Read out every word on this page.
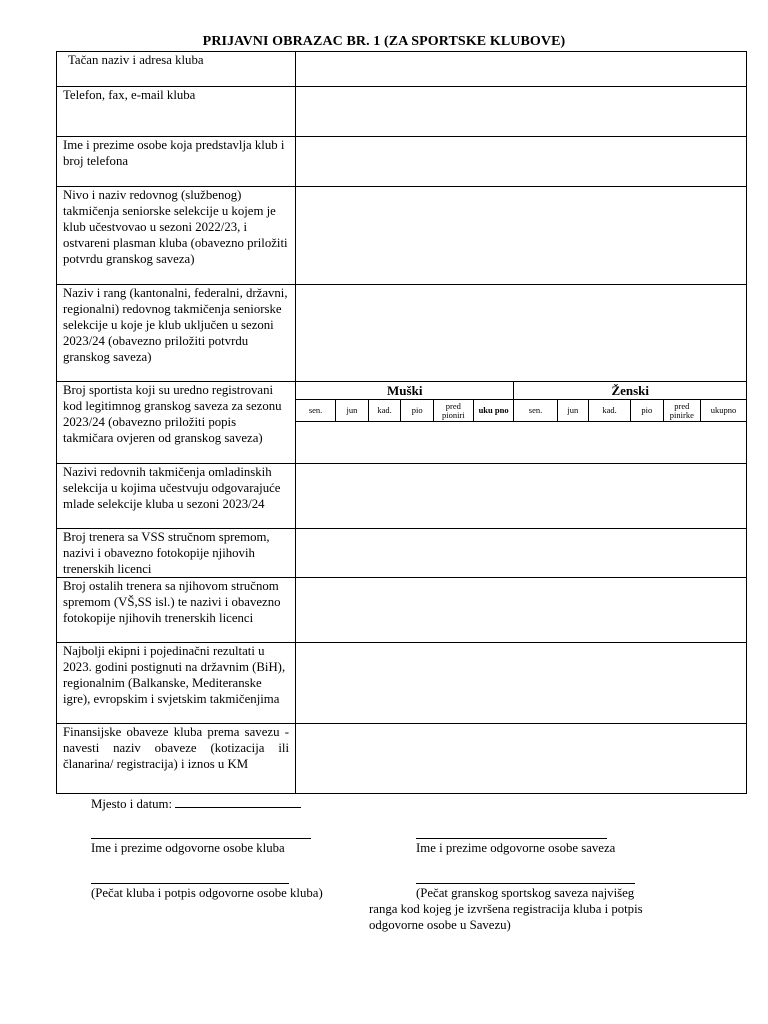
PRIJAVNI OBRAZAC BR. 1 (ZA SPORTSKE KLUBOVE)
Tačan naziv i adresa kluba	
Telefon, fax, e-mail kluba	
Ime i prezime osobe koja predstavlja klub i broj telefona	
Nivo i naziv redovnog (službenog) takmičenja seniorske selekcije u kojem je klub učestvovao u sezoni 2022/23, i ostvareni plasman kluba (obavezno priložiti potvrdu granskog saveza)	
Naziv i rang (kantonalni, federalni, državni, regionalni) redovnog takmičenja seniorske selekcije u koje je klub uključen u sezoni 2023/24 (obavezno priložiti potvrdu granskog saveza)	
Broj sportista koji su uredno registrovani kod legitimnog granskog saveza za sezonu 2023/24 (obavezno priložiti popis takmičara ovjeren od granskog saveza)	
Muški	Ženski
sen.	jun	kad.	pio	pred pioniri	uku pno	sen.	jun	kad.	pio	pred pinirke	ukupno

Nazivi redovnih takmičenja omladinskih selekcija u kojima učestvuju odgovarajuće mlade selekcije kluba u sezoni 2023/24	
Broj trenera sa VSS stručnom spremom, nazivi i obavezno fotokopije njihovih trenerskih licenci	
Broj ostalih trenera sa njihovom stručnom spremom (VŠ,SS isl.) te nazivi i obavezno fotokopije njihovih trenerskih licenci	
Najbolji ekipni i pojedinačni rezultati u 2023. godini postignuti na državnim (BiH), regionalnim (Balkanske, Mediteranske igre), evropskim i svjetskim takmičenjima	
Finansijske obaveze kluba prema savezu - navesti naziv obaveze (kotizacija ili članarina/ registracija) i iznos u KM	
Mjesto i datum:
Ime i prezime odgovorne osobe kluba	Ime i prezime odgovorne osobe saveza
(Pečat kluba i potpis odgovorne osobe kluba)	(Pečat granskog sportskog saveza najvišeg
ranga kod kojeg je izvršena registracija kluba i potpis
odgovorne osobe u Savezu)
